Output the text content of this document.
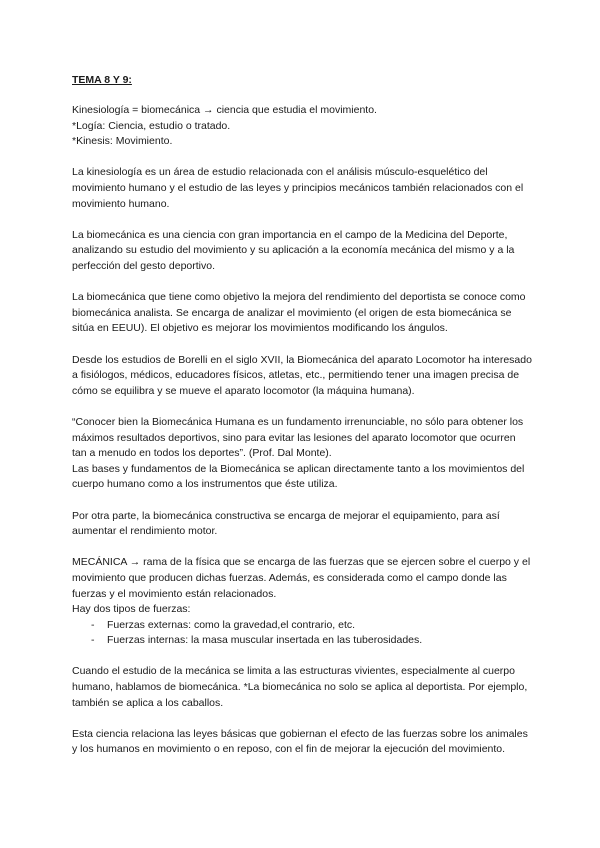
TEMA 8 Y 9:

Kinesiología = biomecánica → ciencia que estudia el movimiento.
*Logía: Ciencia, estudio o tratado.
*Kinesis: Movimiento.

La kinesiología es un área de estudio relacionada con el análisis músculo-esquelético del movimiento humano y el estudio de las leyes y principios mecánicos también relacionados con el movimiento humano.

La biomecánica es una ciencia con gran importancia en el campo de la Medicina del Deporte, analizando su estudio del movimiento y su aplicación a la economía mecánica del mismo y a la perfección del gesto deportivo.

La biomecánica que tiene como objetivo la mejora del rendimiento del deportista se conoce como biomecánica analista. Se encarga de analizar el movimiento (el origen de esta biomecánica se sitúa en EEUU). El objetivo es mejorar los movimientos modificando los ángulos.

Desde los estudios de Borelli en el siglo XVII, la Biomecánica del aparato Locomotor ha interesado a fisiólogos, médicos, educadores físicos, atletas, etc., permitiendo tener una imagen precisa de cómo se equilibra y se mueve el aparato locomotor (la máquina humana).

“Conocer bien la Biomecánica Humana es un fundamento irrenunciable, no sólo para obtener los máximos resultados deportivos, sino para evitar las lesiones del aparato locomotor que ocurren tan a menudo en todos los deportes”. (Prof. Dal Monte).
Las bases y fundamentos de la Biomecánica se aplican directamente tanto a los movimientos del cuerpo humano como a los instrumentos que éste utiliza.

Por otra parte, la biomecánica constructiva se encarga de mejorar el equipamiento, para así aumentar el rendimiento motor.

MECÁNICA → rama de la física que se encarga de las fuerzas que se ejercen sobre el cuerpo y el movimiento que producen dichas fuerzas. Además, es considerada como el campo donde las fuerzas y el movimiento están relacionados.
Hay dos tipos de fuerzas:

- Fuerzas externas: como la gravedad,el contrario, etc.
- Fuerzas internas: la masa muscular insertada en las tuberosidades.

Cuando el estudio de la mecánica se limita a las estructuras vivientes, especialmente al cuerpo humano, hablamos de biomecánica. *La biomecánica no solo se aplica al deportista. Por ejemplo, también se aplica a los caballos.

Esta ciencia relaciona las leyes básicas que gobiernan el efecto de las fuerzas sobre los animales y los humanos en movimiento o en reposo, con el fin de mejorar la ejecución del movimiento.
